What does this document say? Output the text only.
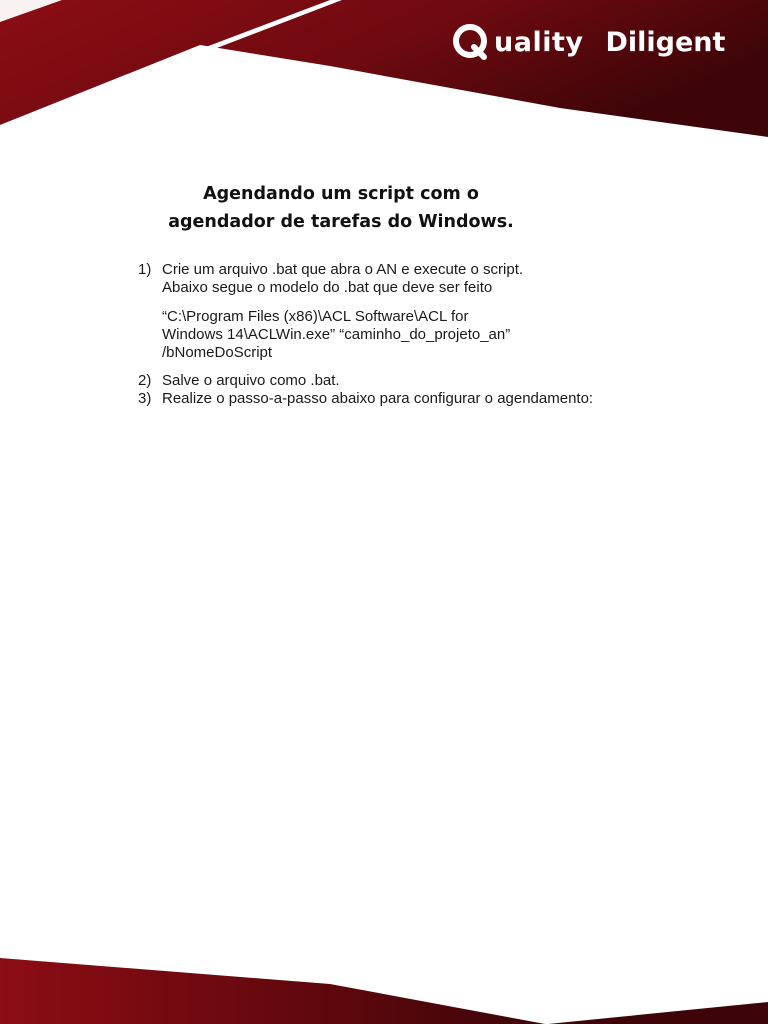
uality Diligent
Agendando um script com o
agendador de tarefas do Windows.
1) Crie um arquivo .bat que abra o AN e execute o script.
Abaixo segue o modelo do .bat que deve ser feito
“C:\Program Files (x86)\ACL Software\ACL for
Windows 14\ACLWin.exe” “caminho_do_projeto_an”
/bNomeDoScript
2) Salve o arquivo como .bat.
3) Realize o passo-a-passo abaixo para configurar o agendamento:
